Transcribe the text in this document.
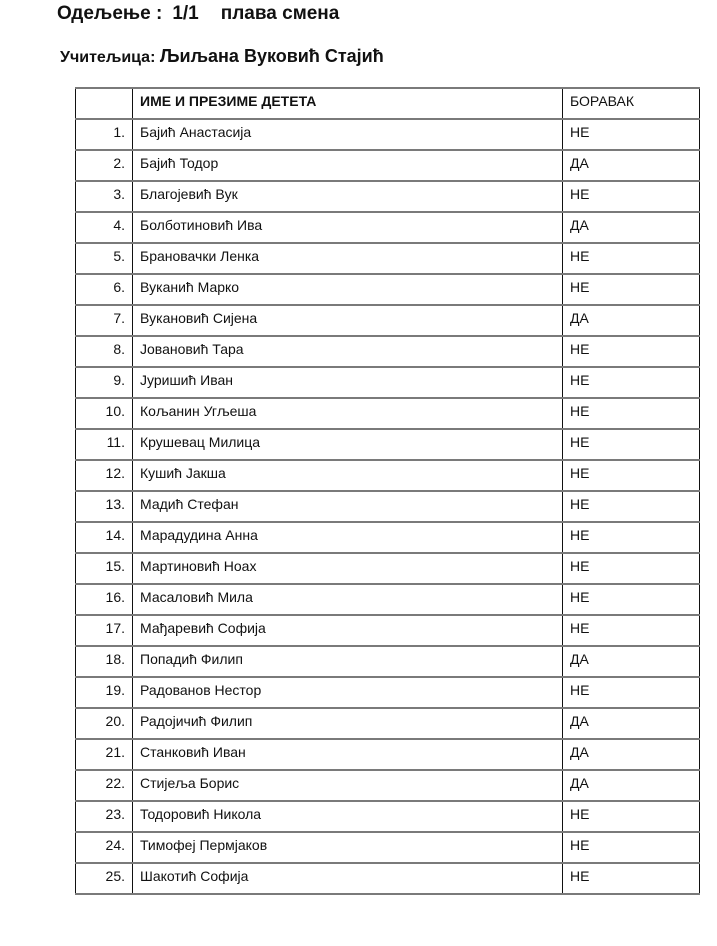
Одељење : 1/1 плава смена
Учитељица: Љиљана Вуковић Стајић
	ИМЕ И ПРЕЗИМЕ ДЕТЕТА	БОРАВАК
1.	Бајић Анастасија	НЕ
2.	Бајић Тодор	ДА
3.	Благојевић Вук	НЕ
4.	Болботиновић Ива	ДА
5.	Брановачки Ленка	НЕ
6.	Вуканић Марко	НЕ
7.	Вукановић Сијена	ДА
8.	Јовановић Тара	НЕ
9.	Јуришић Иван	НЕ
10.	Кољанин Угљеша	НЕ
11.	Крушевац Милица	НЕ
12.	Кушић Јакша	НЕ
13.	Мадић Стефан	НЕ
14.	Марадудина Анна	НЕ
15.	Мартиновић Ноах	НЕ
16.	Масаловић Мила	НЕ
17.	Мађаревић Софија	НЕ
18.	Попадић Филип	ДА
19.	Радованов Нестор	НЕ
20.	Радојичић Филип	ДА
21.	Станковић Иван	ДА
22.	Стијеља Борис	ДА
23.	Тодоровић Никола	НЕ
24.	Тимофеј Пермјаков	НЕ
25.	Шакотић Софија	НЕ
